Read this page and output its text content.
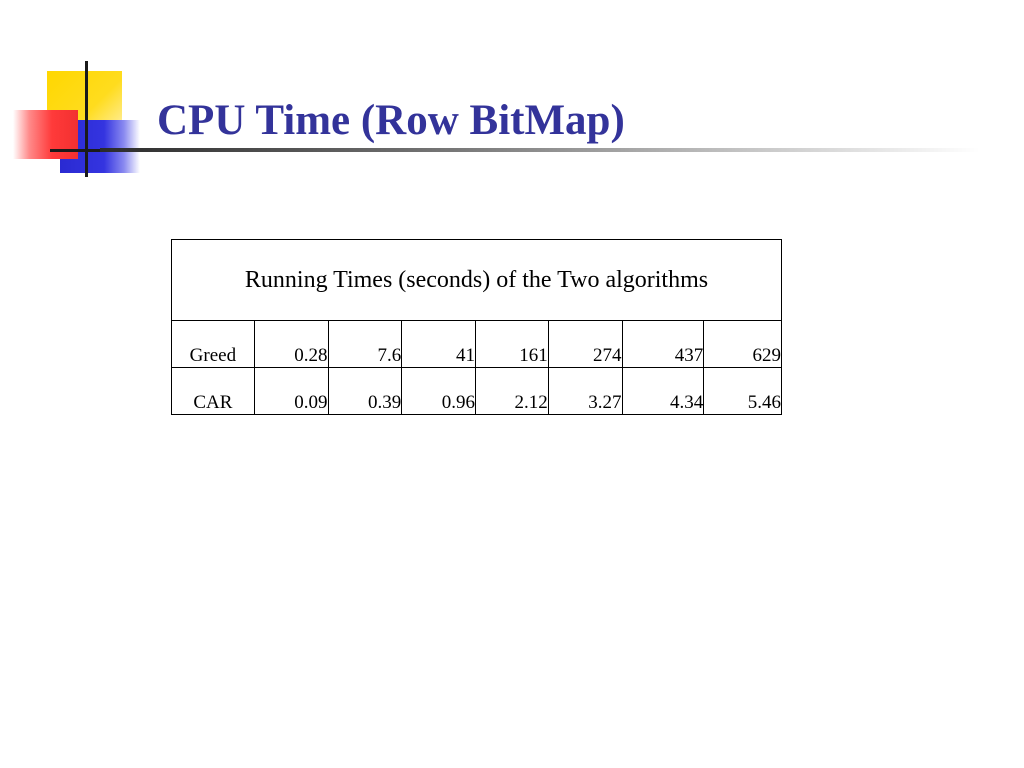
CPU Time (Row BitMap)
Running Times (seconds) of the Two algorithms							
Greed	0.28	7.6	41	161	274	437	629
CAR	0.09	0.39	0.96	2.12	3.27	4.34	5.46
